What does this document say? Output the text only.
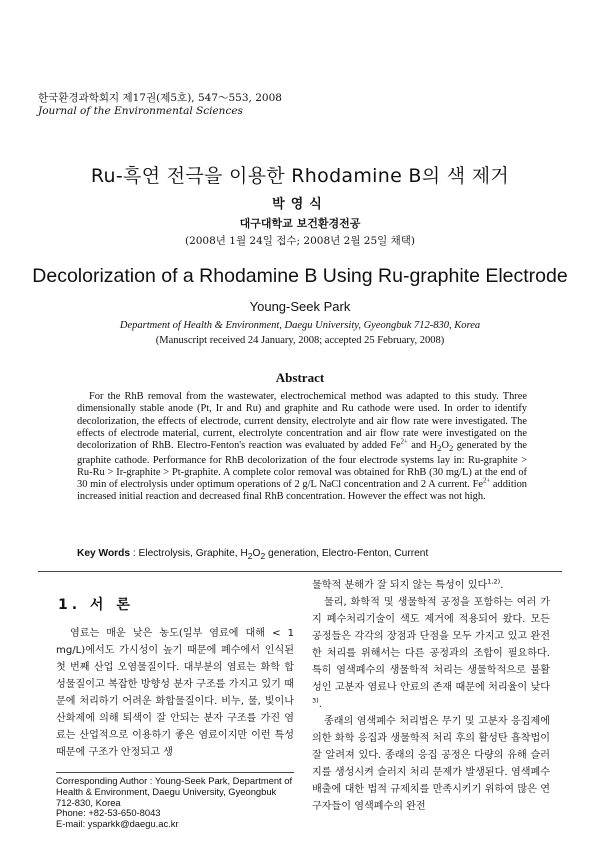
한국환경과학회지 제17권(제5호), 547～553, 2008
Journal of the Environmental Sciences
Ru-흑연 전극을 이용한 Rhodamine B의 색 제거
박영식
대구대학교 보건환경전공
(2008년 1월 24일 접수; 2008년 2월 25일 채택)
Decolorization of a Rhodamine B Using Ru-graphite Electrode
Young-Seek Park
Department of Health & Environment, Daegu University, Gyeongbuk 712-830, Korea
(Manuscript received 24 January, 2008; accepted 25 February, 2008)
Abstract
For the RhB removal from the wastewater, electrochemical method was adapted to this study. Three dimensionally stable anode (Pt, Ir and Ru) and graphite and Ru cathode were used. In order to identify decolorization, the effects of electrode, current density, electrolyte and air flow rate were investigated. The effects of electrode material, current, electrolyte concentration and air flow rate were investigated on the decolorization of RhB. Electro-Fenton's reaction was evaluated by added $Fe^{2+}$ and $H_2O_2$ generated by the graphite cathode. Performance for RhB decolorization of the four electrode systems lay in: Ru-graphite > Ru-Ru > Ir-graphite > Pt-graphite. A complete color removal was obtained for RhB (30 mg/L) at the end of 30 min of electrolysis under optimum operations of 2 g/L NaCl concentration and 2 A current. $Fe^{2+}$ addition increased initial reaction and decreased final RhB concentration. However the effect was not high.
Key Words : Electrolysis, Graphite, $H_2O_2$ generation, Electro-Fenton, Current
1. 서 론
염료는 매운 낮은 농도(일부 염료에 대해 < 1 mg/L)에서도 가시성이 높기 때문에 폐수에서 인식된 첫 번째 산업 오염물질이다. 대부분의 염료는 화학 합성물질이고 복잡한 방향성 분자 구조를 가지고 있기 때문에 처리하기 어려운 화합물질이다. 비누, 물, 빛이나 산화제에 의해 퇴색이 잘 안되는 분자 구조를 가진 염료는 산업적으로 이용하기 좋은 염료이지만 이런 특성 때문에 구조가 안정되고 생

물학적 분해가 잘 되지 않는 특성이 있다$^{1,2)}$.

물리, 화학적 및 생물학적 공정을 포함하는 여러 가지 폐수처리기술이 색도 제거에 적용되어 왔다. 모든 공정들은 각각의 장점과 단점을 모두 가지고 있고 완전한 처리를 위해서는 다른 공정과의 조합이 필요하다. 특히 염색폐수의 생물학적 처리는 생물학적으로 불활성인 고분자 염료나 안료의 존재 때문에 처리율이 낮다$^{3)}$.

종래의 염색폐수 처리법은 무기 및 고분자 응집제에 의한 화학 응집과 생물학적 처리 후의 활성탄 흡착법이 잘 알려져 있다. 종래의 응집 공정은 다량의 유해 슬러지를 생성시켜 슬러지 처리 문제가 발생된다. 염색폐수 배출에 대한 법적 규제치를 만족시키기 위하여 많은 연구자들이 염색폐수의 완전

Corresponding Author : Young-Seek Park, Department of Health & Environment, Daegu University, Gyeongbuk 712-830, Korea
Phone: +82-53-650-8043
E-mail: ysparkk@daegu.ac.kr
